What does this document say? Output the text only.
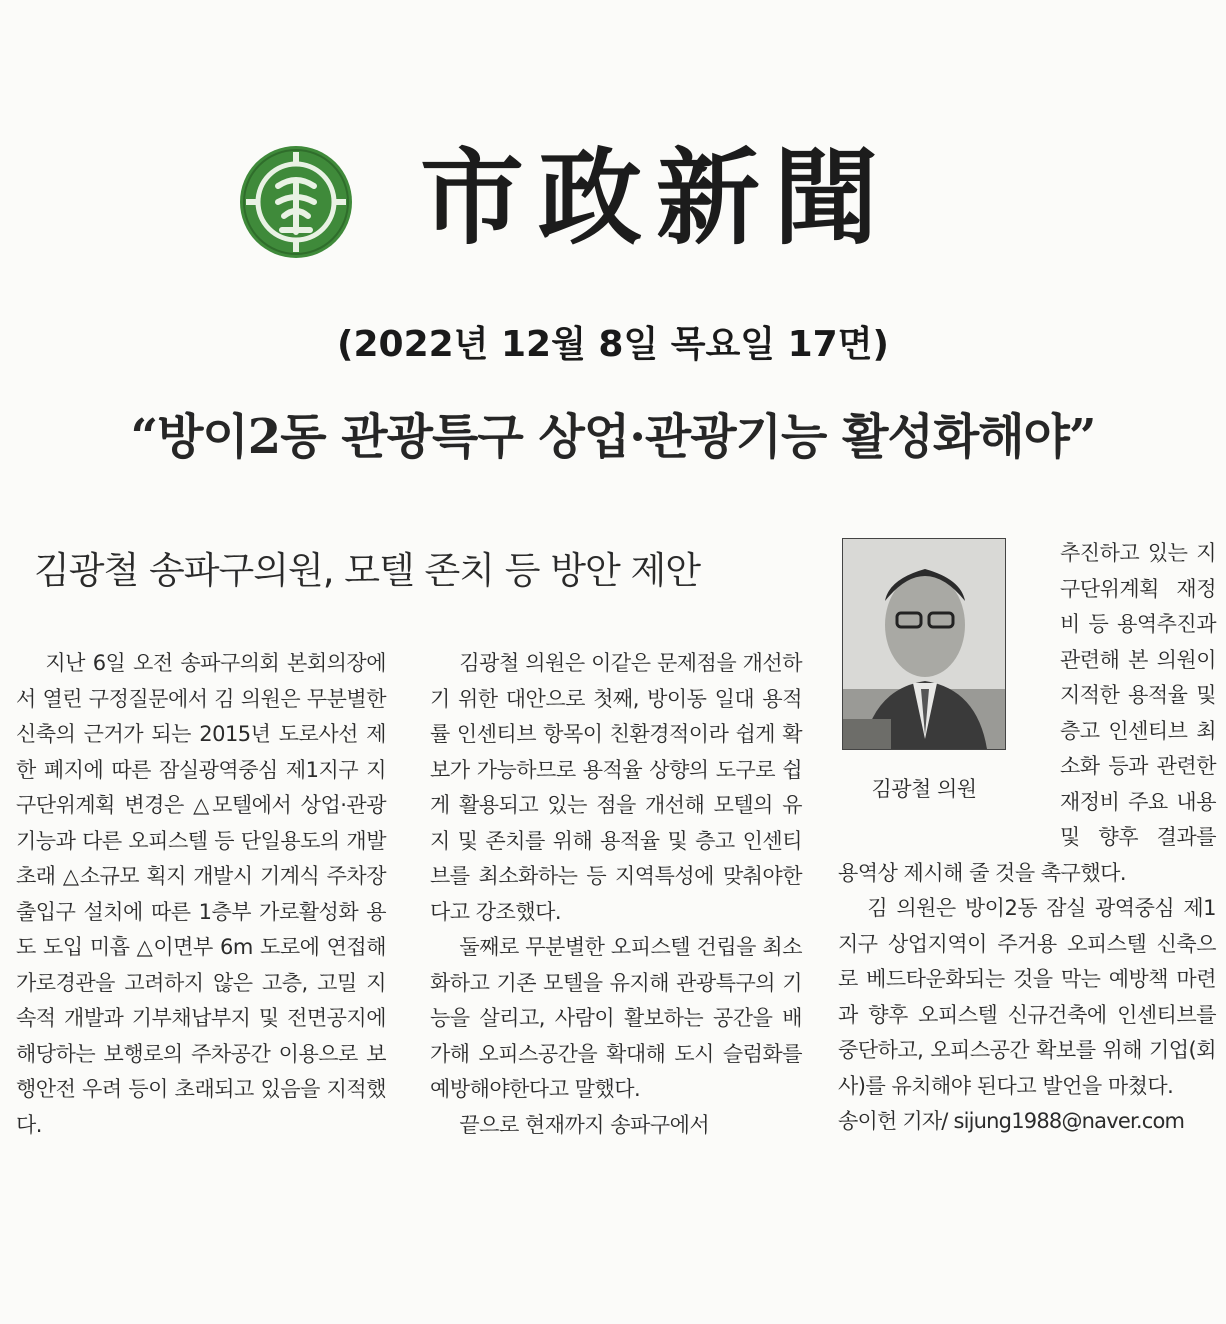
市政新聞
(2022년 12월 8일 목요일 17면)
“방이2동 관광특구 상업·관광기능 활성화해야”
김광철 송파구의원, 모텔 존치 등 방안 제안

지난 6일 오전 송파구의회 본회의장에서 열린 구정질문에서 김 의원은 무분별한 신축의 근거가 되는 2015년 도로사선 제한 폐지에 따른 잠실광역중심 제1지구 지구단위계획 변경은 △모텔에서 상업·관광기능과 다른 오피스텔 등 단일용도의 개발 초래 △소규모 획지 개발시 기계식 주차장 출입구 설치에 따른 1층부 가로활성화 용도 도입 미흡 △이면부 6m 도로에 연접해 가로경관을 고려하지 않은 고층, 고밀 지속적 개발과 기부채납부지 및 전면공지에 해당하는 보행로의 주차공간 이용으로 보행안전 우려 등이 초래되고 있음을 지적했다.

김광철 의원은 이같은 문제점을 개선하기 위한 대안으로 첫째, 방이동 일대 용적률 인센티브 항목이 친환경적이라 쉽게 확보가 가능하므로 용적율 상향의 도구로 쉽게 활용되고 있는 점을 개선해 모텔의 유지 및 존치를 위해 용적율 및 층고 인센티브를 최소화하는 등 지역특성에 맞춰야한다고 강조했다.

둘째로 무분별한 오피스텔 건립을 최소화하고 기존 모텔을 유지해 관광특구의 기능을 살리고, 사람이 활보하는 공간을 배가해 오피스공간을 확대해 도시 슬럼화를 예방해야한다고 말했다.

끝으로 현재까지 송파구에서

김광철 의원

추진하고 있는 지구단위계획 재정비 등 용역추진과 관련해 본 의원이 지적한 용적율 및 층고 인센티브 최소화 등과 관련한 재정비 주요 내용 및 향후 결과를 용역상 제시해 줄 것을 촉구했다.

김 의원은 방이2동 잠실 광역중심 제1지구 상업지역이 주거용 오피스텔 신축으로 베드타운화되는 것을 막는 예방책 마련과 향후 오피스텔 신규건축에 인센티브를 중단하고, 오피스공간 확보를 위해 기업(회사)를 유치해야 된다고 발언을 마쳤다.

송이헌 기자/ sijung1988@naver.com
